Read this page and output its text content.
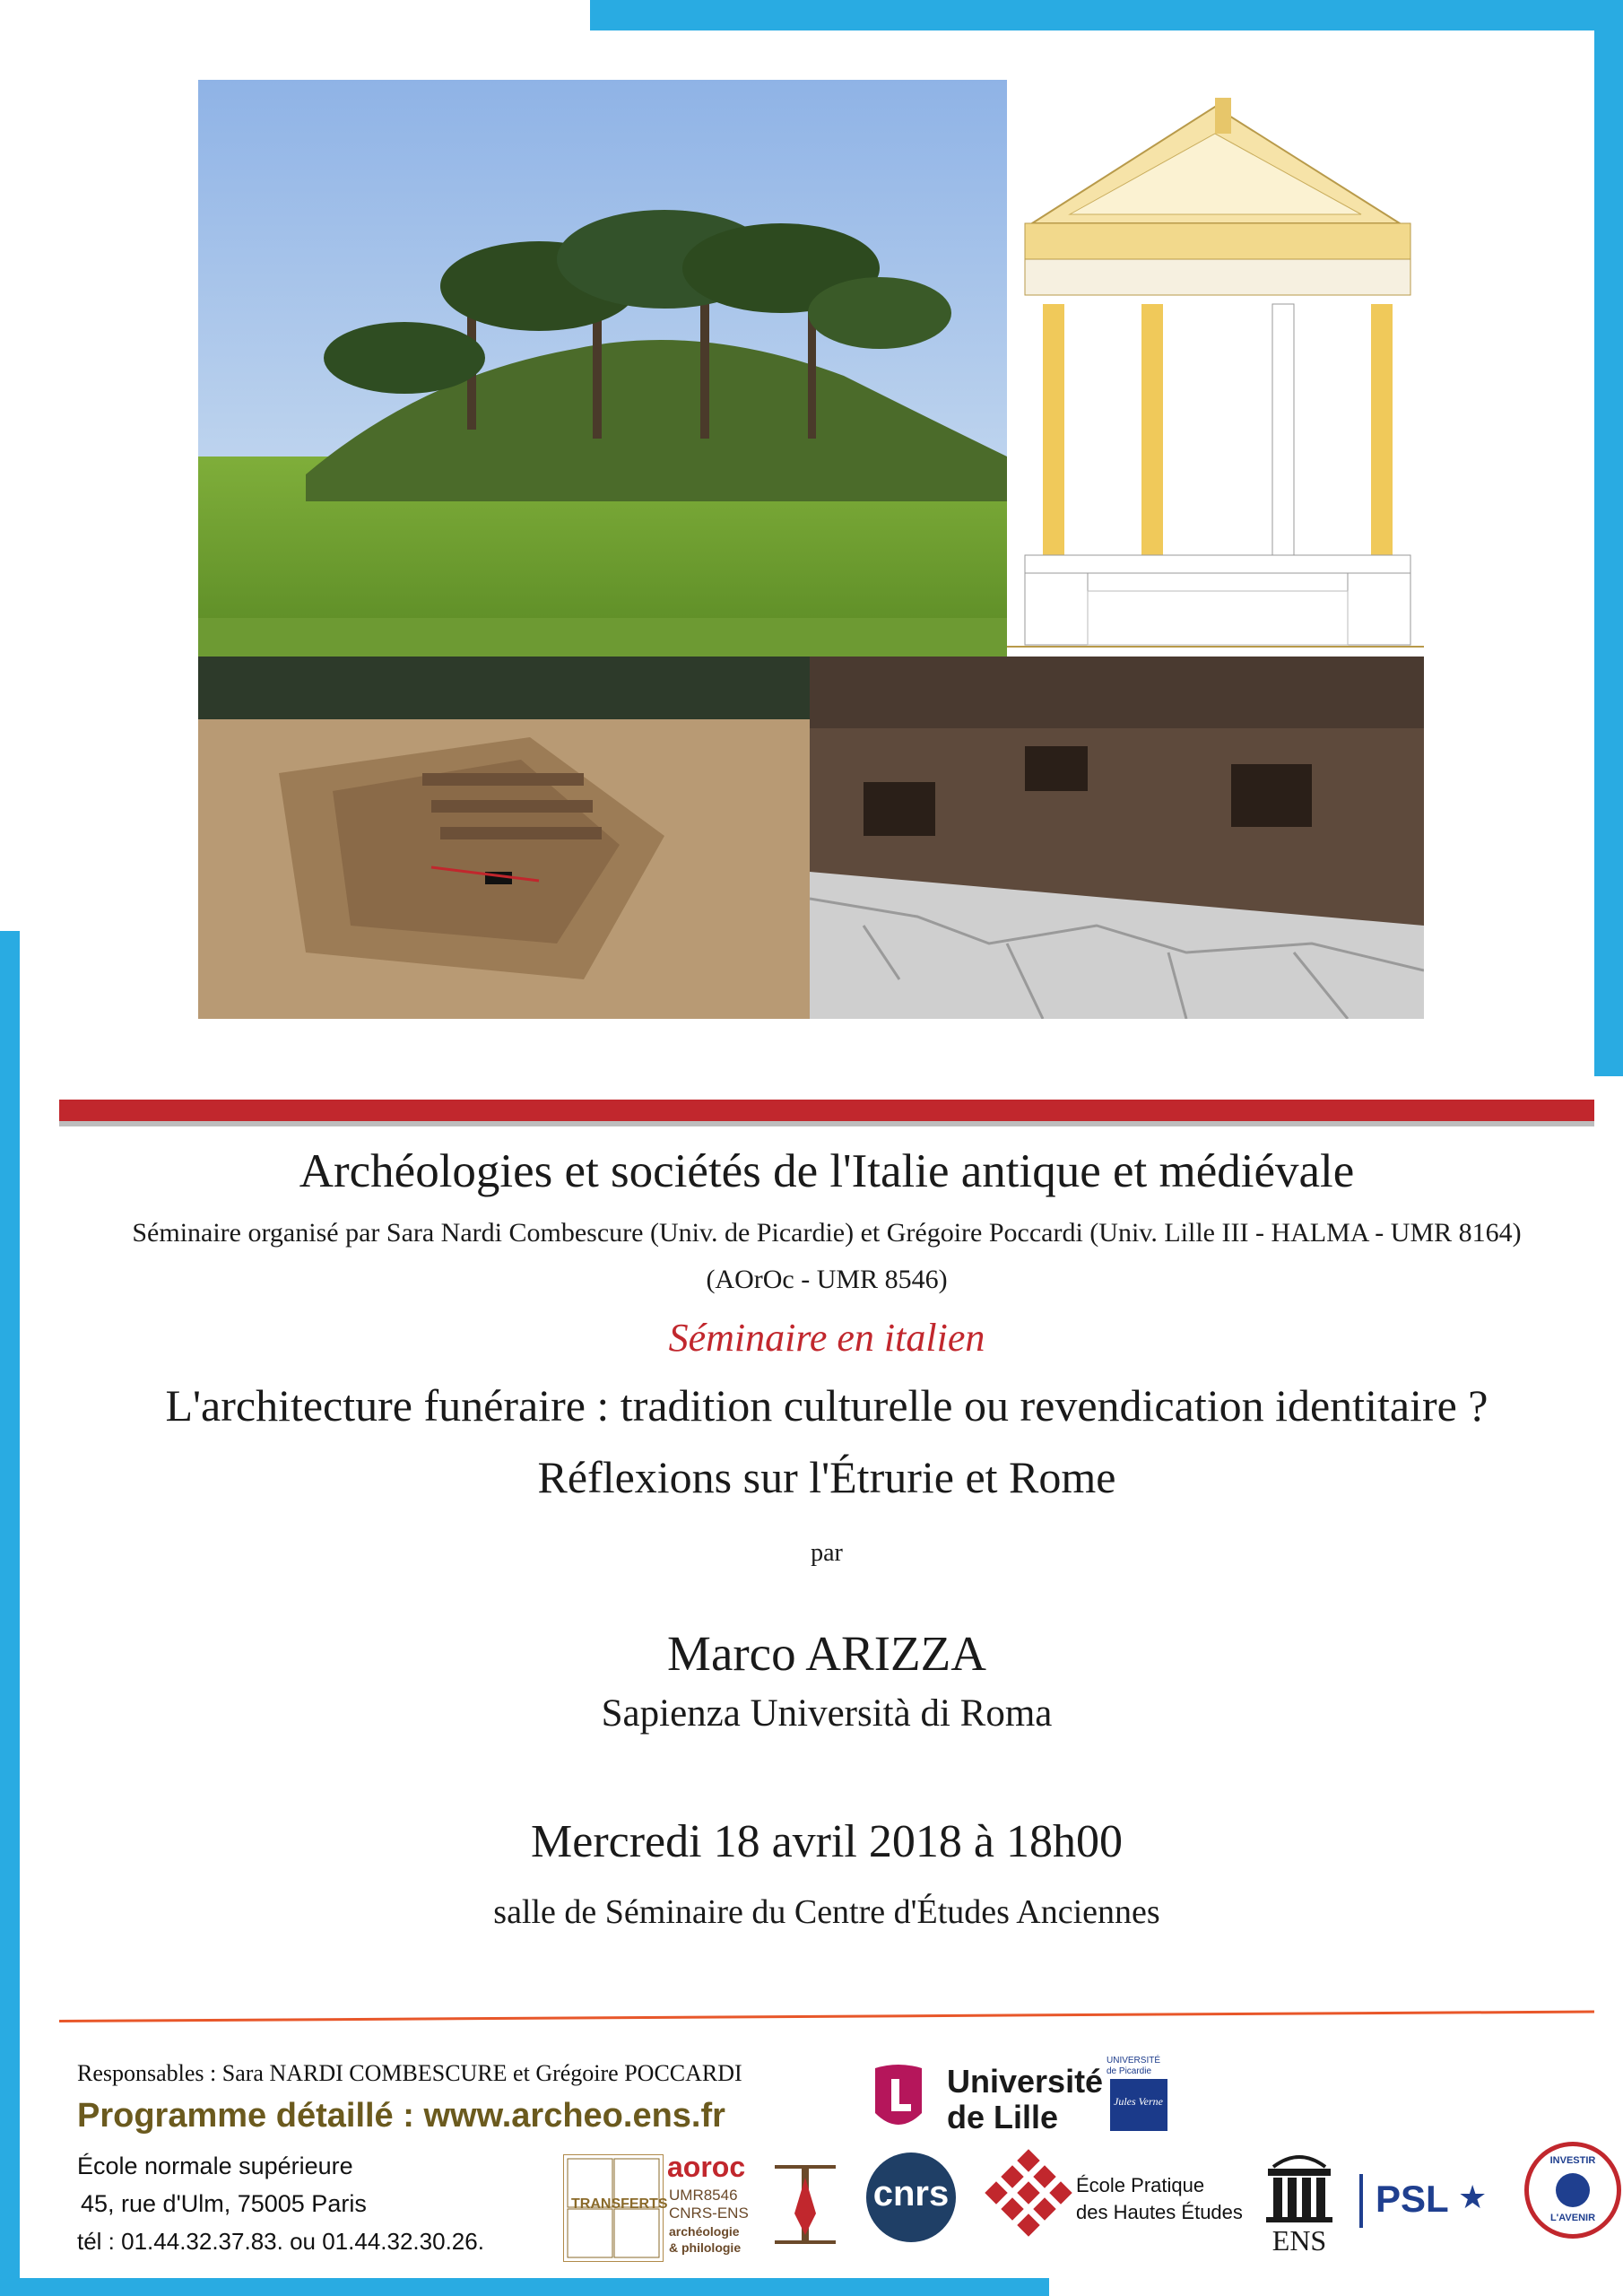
Archéologies et sociétés de l'Italie antique et médiévale
Séminaire organisé par Sara Nardi Combescure (Univ. de Picardie) et Grégoire Poccardi (Univ. Lille III - HALMA - UMR 8164)
(AOrOc - UMR 8546)
Séminaire en italien
L'architecture funéraire : tradition culturelle ou revendication identitaire ?
Réflexions sur l'Étrurie et Rome
par
Marco ARIZZA
Sapienza Università di Roma
Mercredi 18 avril 2018 à 18h00
salle de Séminaire du Centre d'Études Anciennes
Responsables : Sara NARDI COMBESCURE et Grégoire POCCARDI
Programme détaillé : www.archeo.ens.fr
École normale supérieure
45, rue d'Ulm, 75005 Paris
tél : 01.44.32.37.83. ou 01.44.32.30.26.
Université
de Lille
UNIVERSITÉ
de Picardie
Jules Verne
TRANSFERTS
aoroc
UMR8546
CNRS-ENS
archéologie
& philologie
cnrs	École Pratique
des Hautes Études
ENS
PSL ★
INVESTIR
L'AVENIR
